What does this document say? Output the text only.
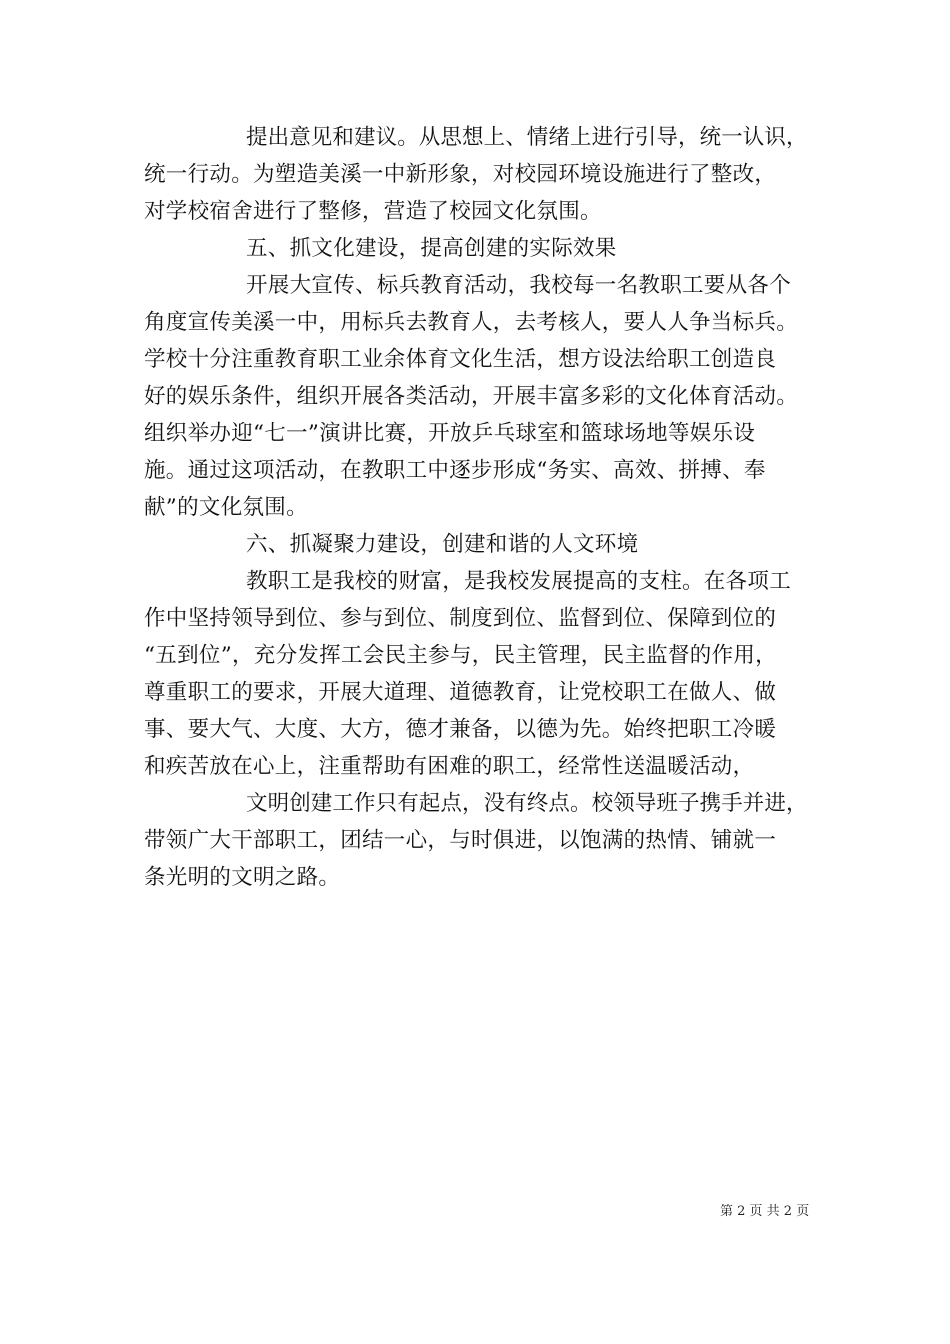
提出意见和建议。从思想上、情绪上进行引导，统一认识，
统一行动。为塑造美溪一中新形象，对校园环境设施进行了整改，
对学校宿舍进行了整修，营造了校园文化氛围。
五、抓文化建设，提高创建的实际效果
开展大宣传、标兵教育活动，我校每一名教职工要从各个
角度宣传美溪一中，用标兵去教育人，去考核人，要人人争当标兵。
学校十分注重教育职工业余体育文化生活，想方设法给职工创造良
好的娱乐条件，组织开展各类活动，开展丰富多彩的文化体育活动。
组织举办迎“七一”演讲比赛，开放乒乓球室和篮球场地等娱乐设
施。通过这项活动，在教职工中逐步形成“务实、高效、拼搏、奉
献”的文化氛围。
六、抓凝聚力建设，创建和谐的人文环境
教职工是我校的财富，是我校发展提高的支柱。在各项工
作中坚持领导到位、参与到位、制度到位、监督到位、保障到位的
“五到位”，充分发挥工会民主参与，民主管理，民主监督的作用，
尊重职工的要求，开展大道理、道德教育，让党校职工在做人、做
事、要大气、大度、大方，德才兼备，以德为先。始终把职工冷暖
和疾苦放在心上，注重帮助有困难的职工，经常性送温暖活动，
文明创建工作只有起点，没有终点。校领导班子携手并进，
带领广大干部职工，团结一心，与时俱进，以饱满的热情、铺就一
条光明的文明之路。
第 2 页 共 2 页
